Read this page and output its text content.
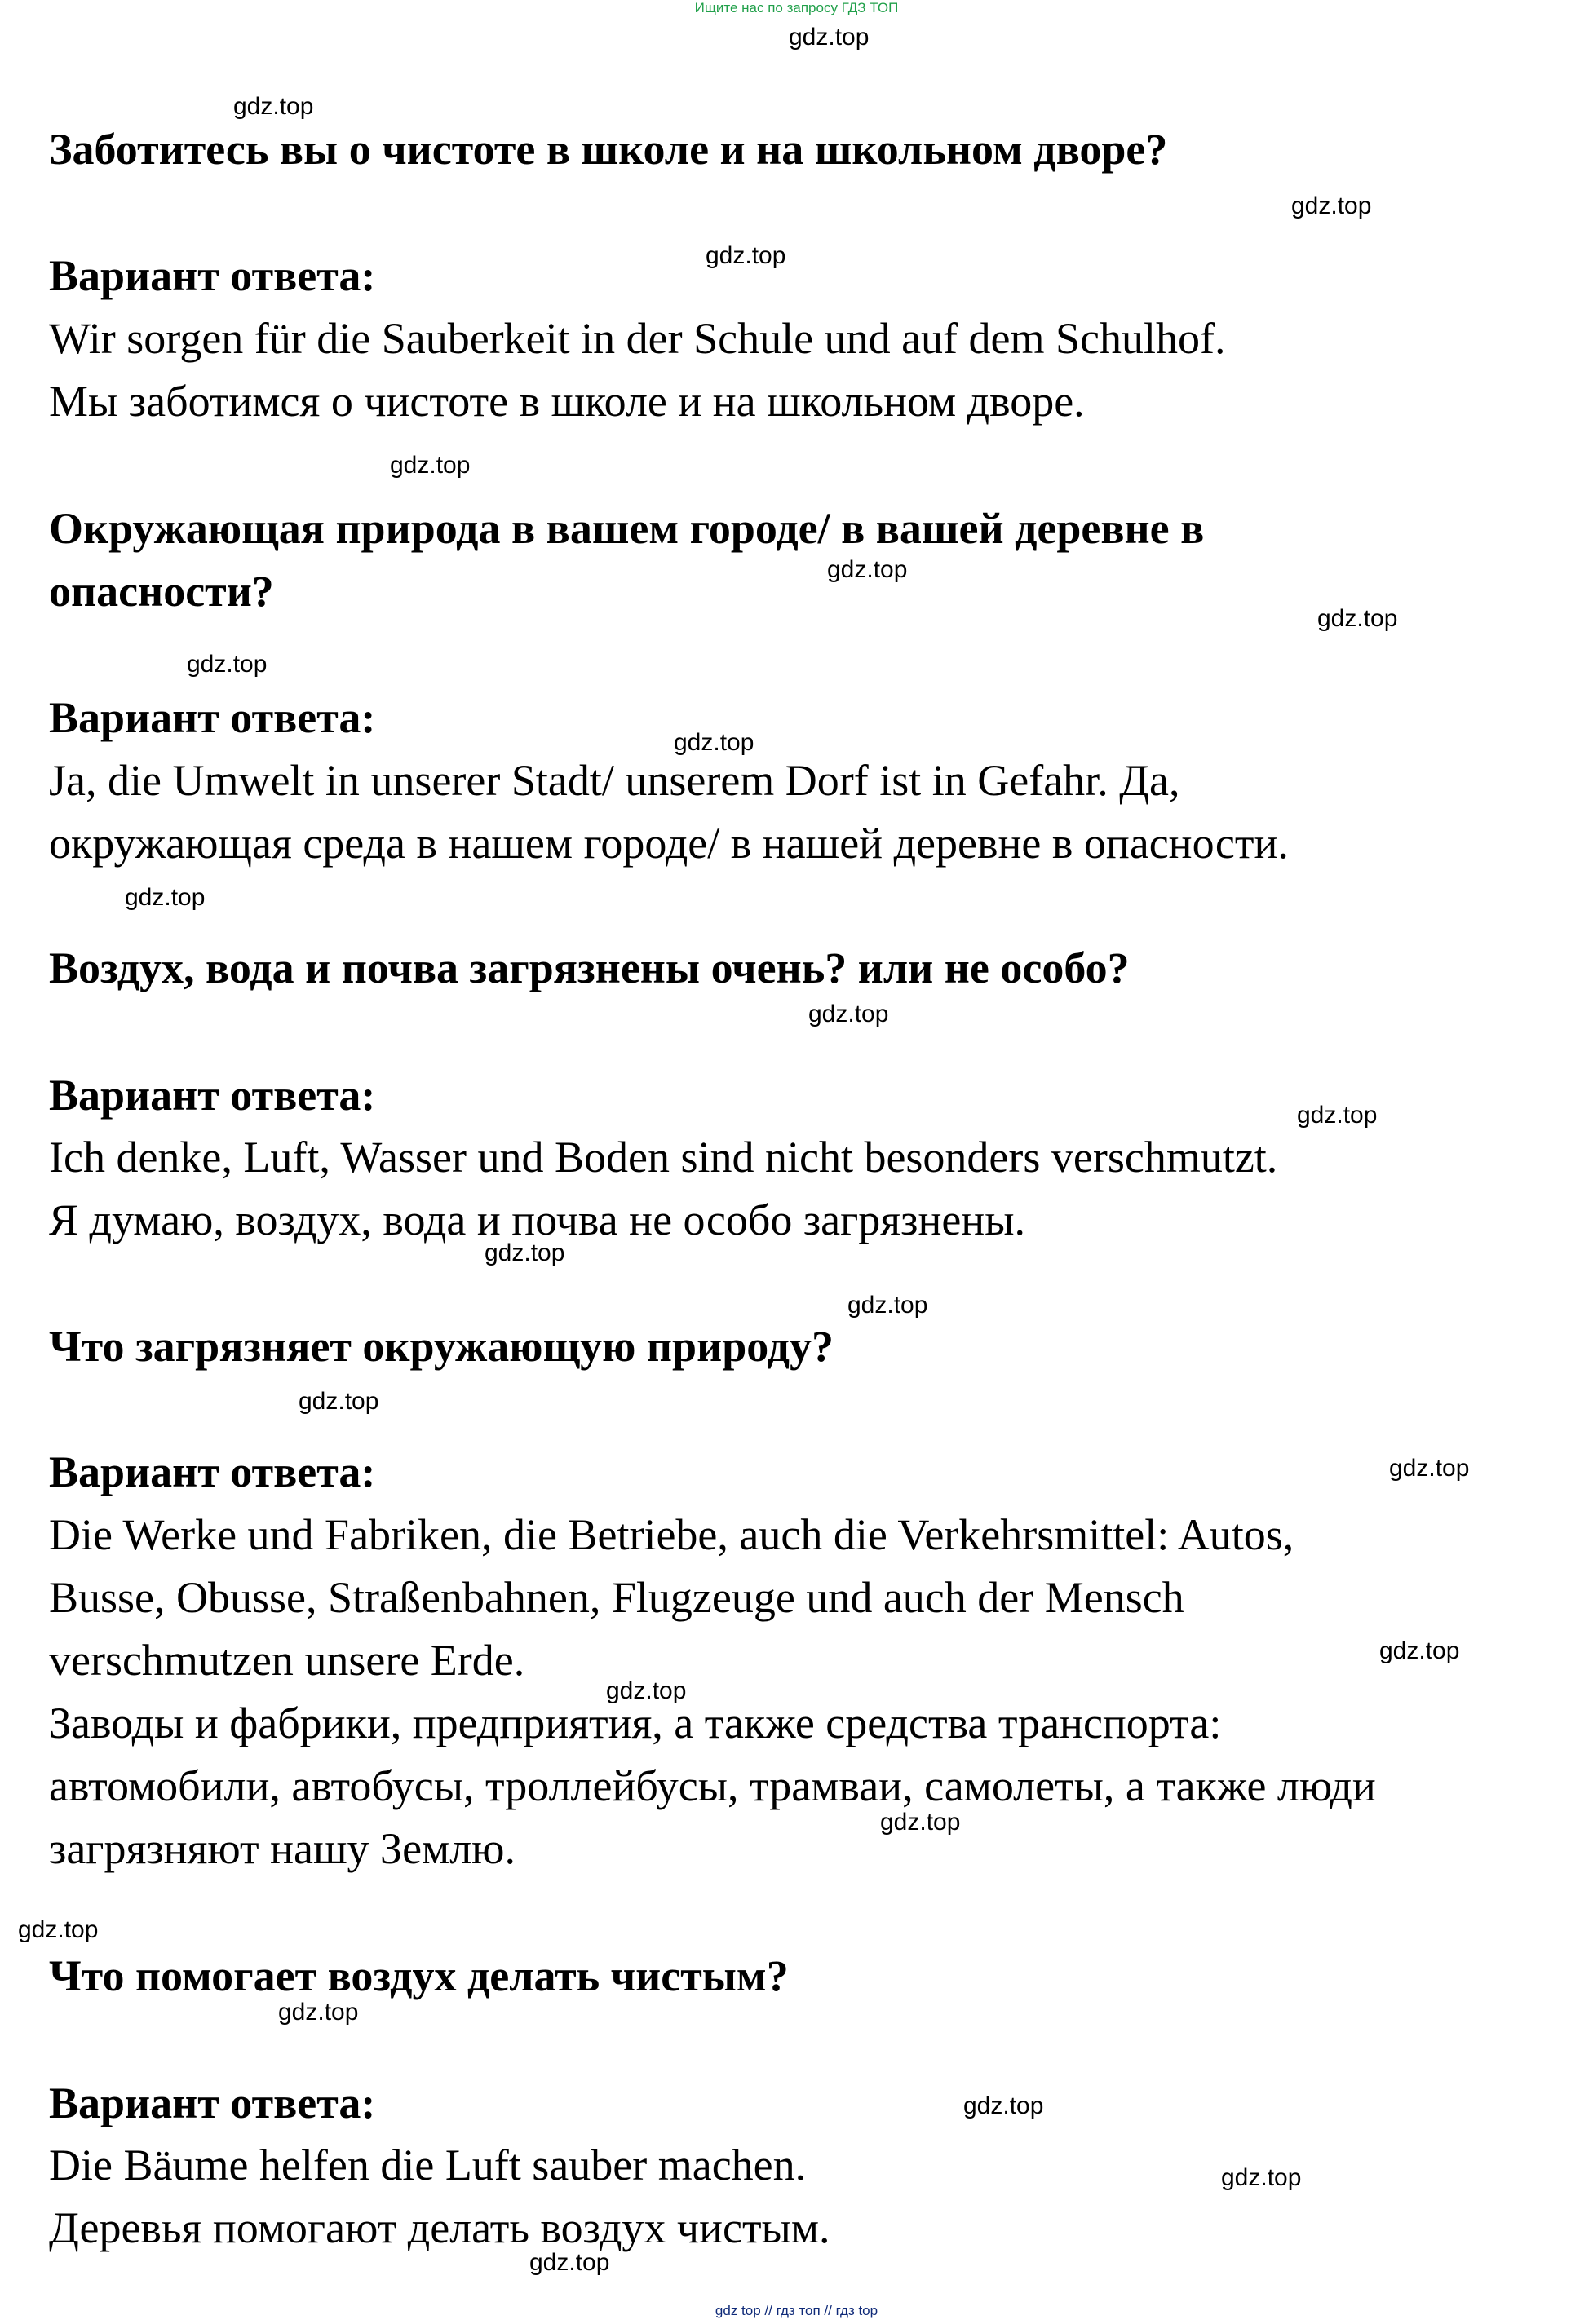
Ищите нас по запросу ГДЗ ТОП
gdz.top
Заботитесь вы о чистоте в школе и на школьном дворе?
Вариант ответа:
Wir sorgen für die Sauberkeit in der Schule und auf dem Schulhof.
Мы заботимся о чистоте в школе и на школьном дворе.
Окружающая природа в вашем городе/ в вашей деревне в
опасности?
Вариант ответа:
Ja, die Umwelt in unserer Stadt/ unserem Dorf ist in Gefahr. Да,
окружающая среда в нашем городе/ в нашей деревне в опасности.
Воздух, вода и почва загрязнены очень? или не особо?
Вариант ответа:
Ich denke, Luft, Wasser und Boden sind nicht besonders verschmutzt.
Я думаю, воздух, вода и почва не особо загрязнены.
Что загрязняет окружающую природу?
Вариант ответа:
Die Werke und Fabriken, die Betriebe, auch die Verkehrsmittel: Autos,
Busse, Obusse, Straßenbahnen, Flugzeuge und auch der Mensch
verschmutzen unsere Erde.
Заводы и фабрики, предприятия, а также средства транспорта:
автомобили, автобусы, троллейбусы, трамваи, самолеты, а также люди
загрязняют нашу Землю.
Что помогает воздух делать чистым?
Вариант ответа:
Die Bäume helfen die Luft sauber machen.
Деревья помогают делать воздух чистым.
gdz.top
gdz.top
gdz.top
gdz.top
gdz.top
gdz.top
gdz.top
gdz.top
gdz.top
gdz.top
gdz.top
gdz.top
gdz.top
gdz.top
gdz.top
gdz.top
gdz.top
gdz.top
gdz.top
gdz.top
gdz.top
gdz.top
gdz.top
gdz top // гдз топ // гдз top
